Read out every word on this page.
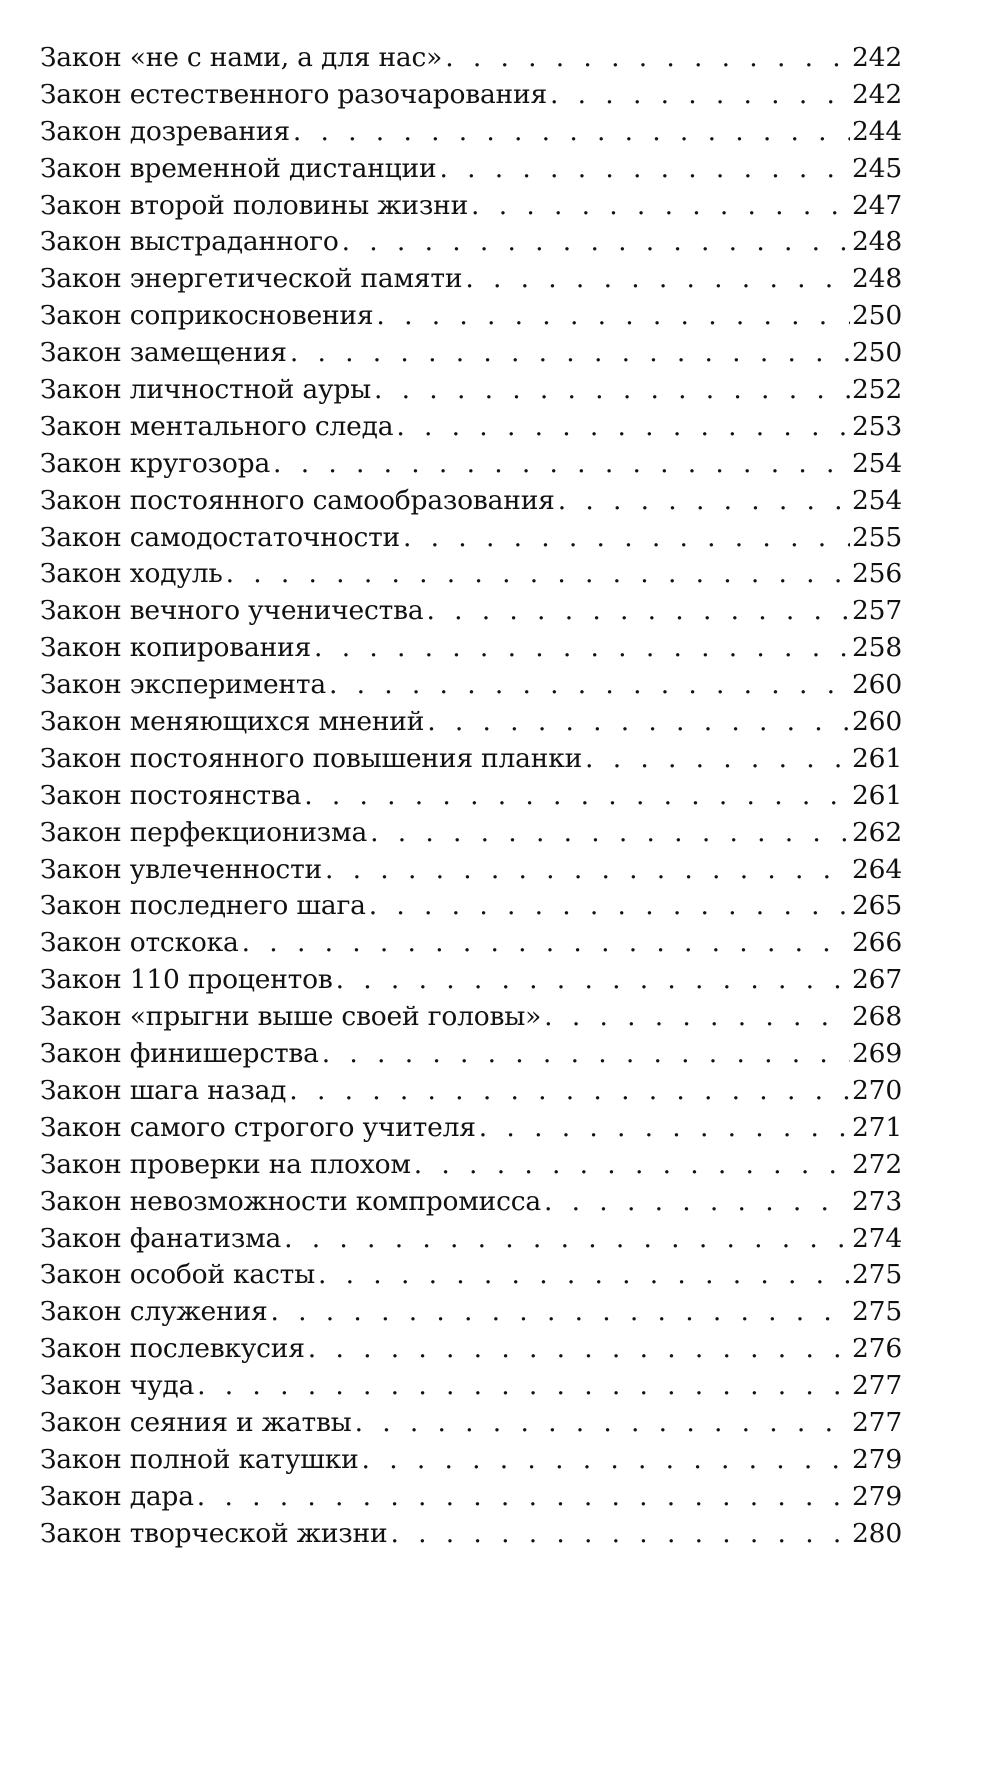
Закон «не с нами, а для нас» . . .	242
Закон естественного разочарования . . .	242
Закон дозревания . . .	244
Закон временной дистанции . . .	245
Закон второй половины жизни . . .	247
Закон выстраданного . . .	248
Закон энергетической памяти . . .	248
Закон соприкосновения . . .	250
Закон замещения . . .	250
Закон личностной ауры . . .	252
Закон ментального следа . . .	253
Закон кругозора . . .	254
Закон постоянного самообразования . . .	254
Закон самодостаточности . . .	255
Закон ходуль . . .	256
Закон вечного ученичества . . .	257
Закон копирования . . .	258
Закон эксперимента . . .	260
Закон меняющихся мнений . . .	260
Закон постоянного повышения планки . . .	261
Закон постоянства . . .	261
Закон перфекционизма . . .	262
Закон увлеченности . . .	264
Закон последнего шага . . .	265
Закон отскока . . .	266
Закон 110 процентов . . .	267
Закон «прыгни выше своей головы» . . .	268
Закон финишерства . . .	269
Закон шага назад . . .	270
Закон самого строгого учителя . . .	271
Закон проверки на плохом . . .	272
Закон невозможности компромисса . . .	273
Закон фанатизма . . .	274
Закон особой касты . . .	275
Закон служения . . .	275
Закон послевкусия . . .	276
Закон чуда . . .	277
Закон сеяния и жатвы . . .	277
Закон полной катушки . . .	279
Закон дара . . .	279
Закон творческой жизни . . .	280
